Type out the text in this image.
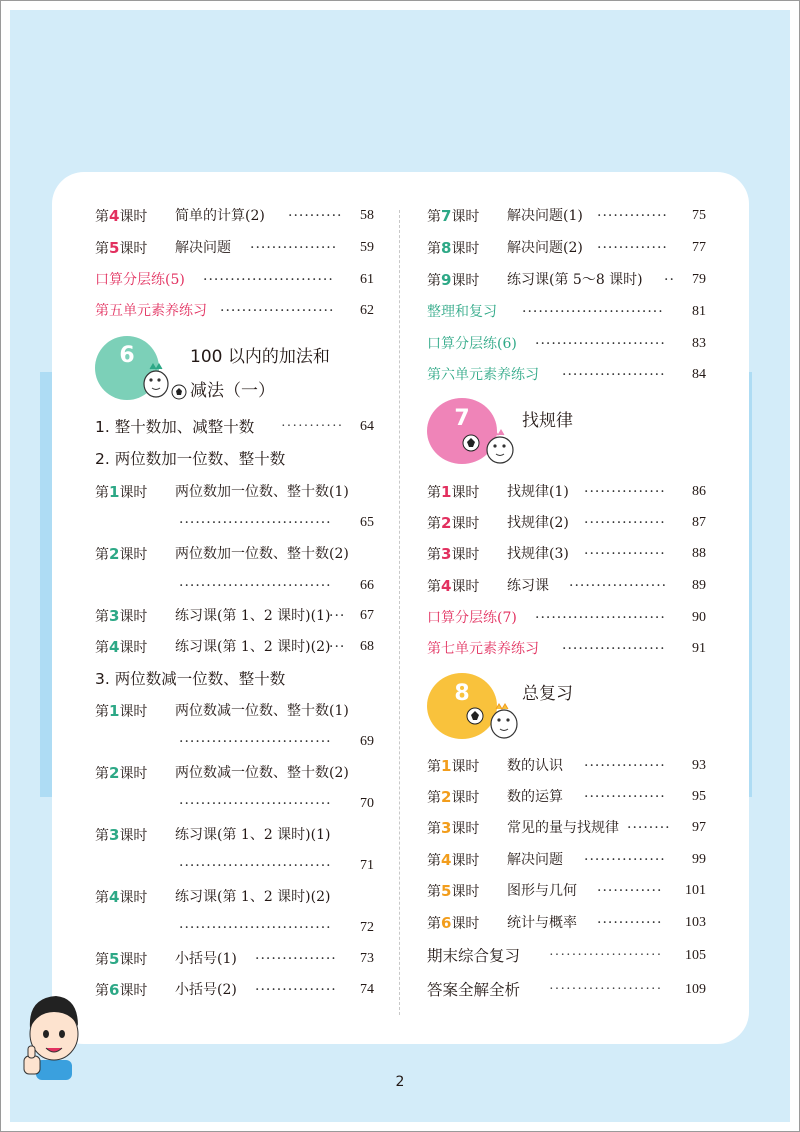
第4课时 简单的计算(2) ··········	58
第5课时 解决问题 ················	59
口算分层练(5) ························	61
第五单元素养练习 ·····················	62
6	100 以内的加法和
减法（一）
1. 整十数加、减整十数 ···········	64
2. 两位数加一位数、整十数
第1课时 两位数加一位数、整十数(1)
····························	65
第2课时 两位数加一位数、整十数(2)
····························	66
第3课时 练习课(第 1、2 课时)(1)
···	67
第4课时 练习课(第 1、2 课时)(2)
···	68
3. 两位数减一位数、整十数
第1课时 两位数减一位数、整十数(1)
····························	69
第2课时 两位数减一位数、整十数(2)
····························	70
第3课时 练习课(第 1、2 课时)(1)
····························	71
第4课时 练习课(第 1、2 课时)(2)
····························	72
第5课时 小括号(1) ···············	73
第6课时 小括号(2) ···············	74
第7课时 解决问题(1) ·············	75
第8课时 解决问题(2) ·············	77
第9课时 练习课(第 5～8 课时) ··	79
整理和复习 ··························	81
口算分层练(6) ························	83
第六单元素养练习 ···················	84
7	找规律
第1课时 找规律(1) ···············	86
第2课时 找规律(2) ···············	87
第3课时 找规律(3) ···············	88
第4课时 练习课 ··················	89
口算分层练(7) ························	90
第七单元素养练习 ···················	91
8	总复习
第1课时 数的认识 ···············	93
第2课时 数的运算 ···············	95
第3课时 常见的量与找规律 ········	97
第4课时 解决问题 ···············	99
第5课时 图形与几何 ············	101
第6课时 统计与概率 ············	103
期末综合复习 ····················	105
答案全解全析 ····················	109
2
